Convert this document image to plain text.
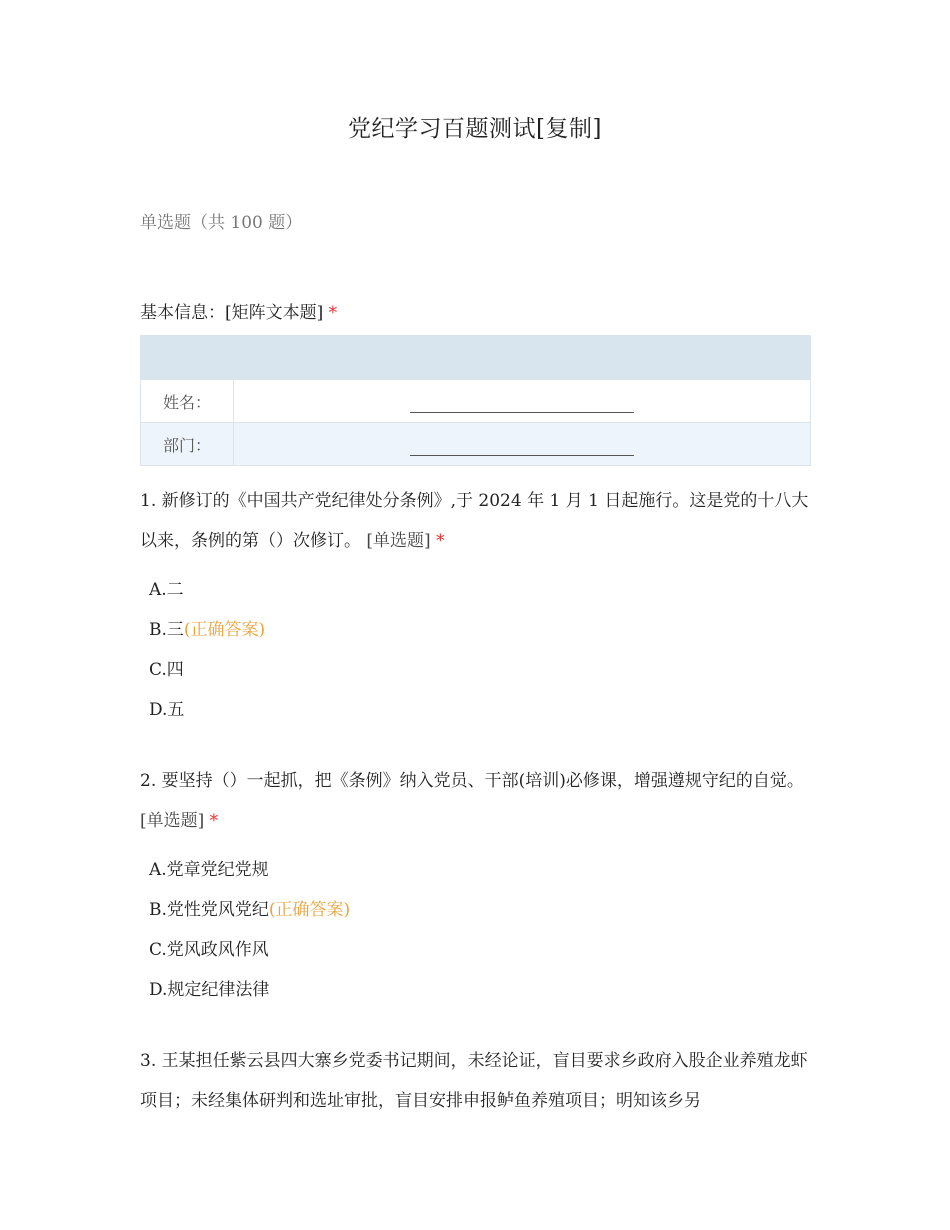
党纪学习百题测试[复制]
单选题（共 100 题）
基本信息：[矩阵文本题] *

姓名：	

部门：	
1. 新修订的《中国共产党纪律处分条例》,于 2024 年 1 月 1 日起施行。这是党的十八大以来，条例的第（）次修订。 [单选题] *
A.二
B.三(正确答案)
C.四
D.五
2. 要坚持（）一起抓，把《条例》纳入党员、干部(培训)必修课，增强遵规守纪的自觉。 [单选题] *
A.党章党纪党规
B.党性党风党纪(正确答案)
C.党风政风作风
D.规定纪律法律
3. 王某担任紫云县四大寨乡党委书记期间，未经论证，盲目要求乡政府入股企业养殖龙虾项目；未经集体研判和选址审批，盲目安排申报鲈鱼养殖项目；明知该乡另
